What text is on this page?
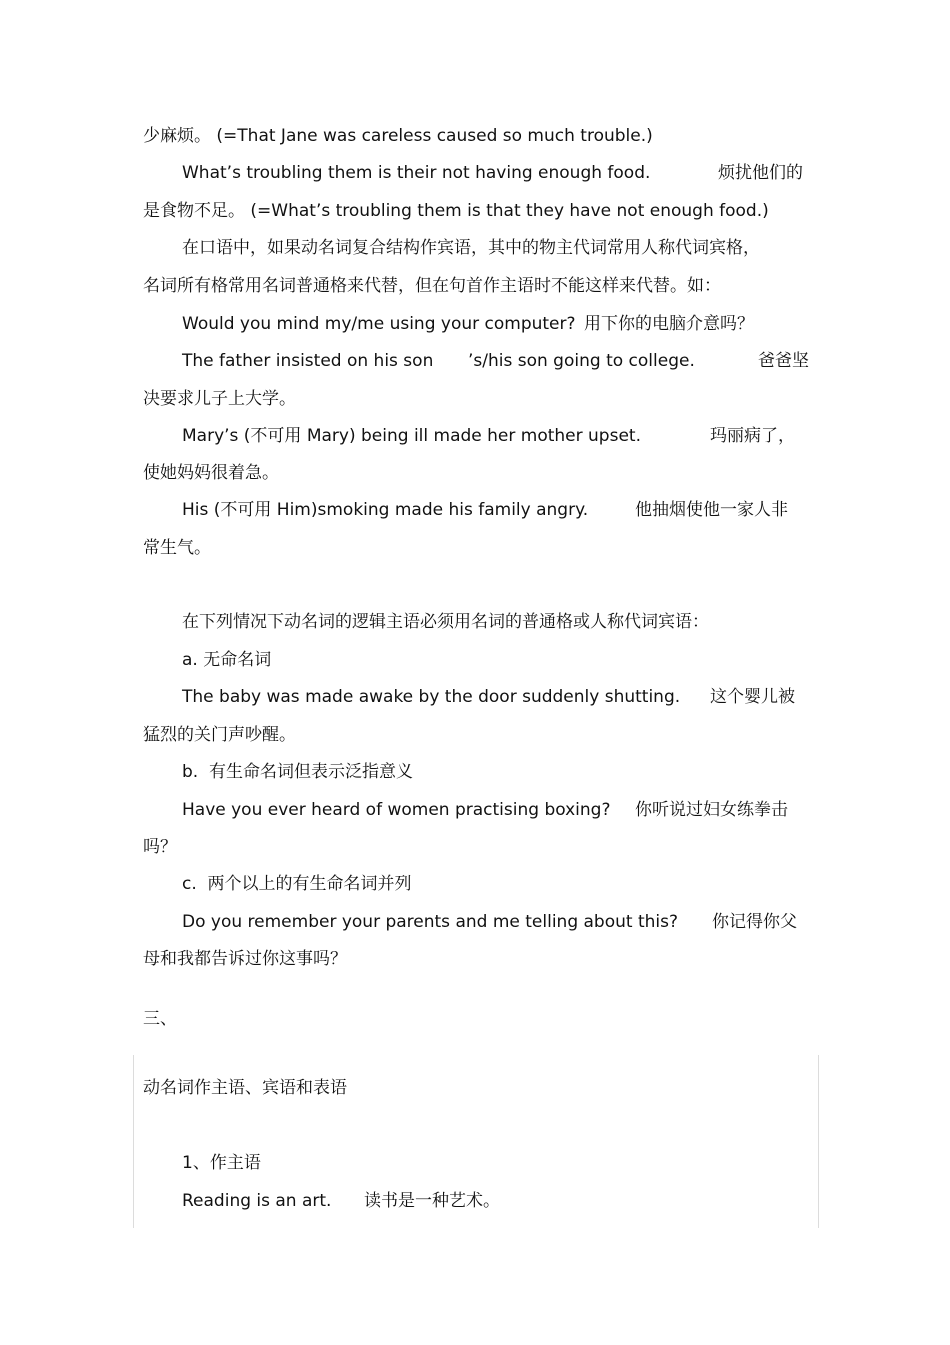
少麻烦。 (=That Jane was careless caused so much trouble.)
What’s troubling them is their not having enough food.	烦扰他们的
是食物不足。 (=What’s troubling them is that they have not enough food.)
在口语中，如果动名词复合结构作宾语，其中的物主代词常用人称代词宾格，
名词所有格常用名词普通格来代替，但在句首作主语时不能这样来代替。如：
Would you mind my/me using your computer? 用下你的电脑介意吗？
The father insisted on his son ’s/his son going to college.	爸爸坚
决要求儿子上大学。
Mary’s (不可用 Mary) being ill made her mother upset.	玛丽病了，
使她妈妈很着急。
His (不可用 Him)smoking made his family angry.	他抽烟使他一家人非
常生气。
在下列情况下动名词的逻辑主语必须用名词的普通格或人称代词宾语：
a. 无命名词
The baby was made awake by the door suddenly shutting. 这个婴儿被
猛烈的关门声吵醒。
b.  有生命名词但表示泛指意义
Have you ever heard of women practising boxing? 你听说过妇女练拳击
吗？
c.  两个以上的有生命名词并列
Do you remember your parents and me telling about this? 你记得你父
母和我都告诉过你这事吗？
三、
动名词作主语、宾语和表语
1、作主语
Reading is an art. 读书是一种艺术。
